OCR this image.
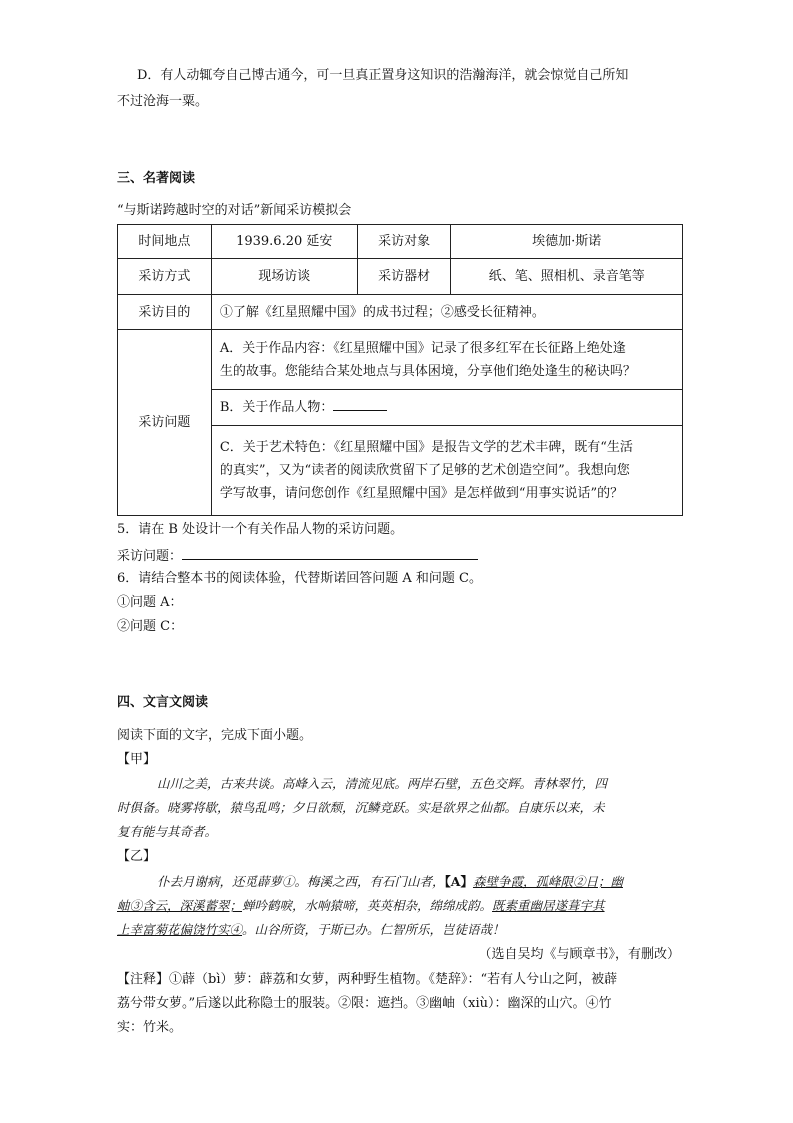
D．有人动辄夸自己博古通今，可一旦真正置身这知识的浩瀚海洋，就会惊觉自己所知
不过沧海一粟。
三、名著阅读
“与斯诺跨越时空的对话”新闻采访模拟会
时间地点	1939.6.20 延安	采访对象	埃德加·斯诺
采访方式	现场访谈	采访器材	纸、笔、照相机、录音笔等
采访目的	①了解《红星照耀中国》的成书过程；②感受长征精神。		
采访问题	A．关于作品内容：《红星照耀中国》记录了很多红军在长征路上绝处逢
生的故事。您能结合某处地点与具体困境，分享他们绝处逢生的秘诀吗？		

	B．关于作品人物：		

	C．关于艺术特色：《红星照耀中国》是报告文学的艺术丰碑，既有“生活
的真实”，又为“读者的阅读欣赏留下了足够的艺术创造空间”。我想向您
学写故事，请问您创作《红星照耀中国》是怎样做到“用事实说话”的？		
5．请在 B 处设计一个有关作品人物的采访问题。
采访问题：
6．请结合整本书的阅读体验，代替斯诺回答问题 A 和问题 C。
①问题 A：
②问题 C：
四、文言文阅读
阅读下面的文字，完成下面小题。
【甲】
山川之美，古来共谈。高峰入云，清流见底。两岸石壁，五色交辉。青林翠竹，四
时俱备。晓雾将歇，猿鸟乱鸣；夕日欲颓，沉鳞竞跃。实是欲界之仙都。自康乐以来，未
复有能与其奇者。
【乙】
仆去月谢病，还觅薜萝①。梅溪之西，有石门山者，【A】森壁争霞，孤峰限②日；幽
岫③含云，深溪蓄翠；蝉吟鹤唳，水响猿啼，英英相杂，绵绵成韵。既素重幽居遂葺宇其
上幸富菊花偏饶竹实④。山谷所资，于斯已办。仁智所乐，岂徒语哉！
（选自吴均《与顾章书》，有删改）
【注释】①薜（bì）萝：薜荔和女萝，两种野生植物。《楚辞》：“若有人兮山之阿，被薜
荔兮带女萝。”后遂以此称隐士的服装。②限：遮挡。③幽岫（xiù）：幽深的山穴。④竹
实：竹米。
